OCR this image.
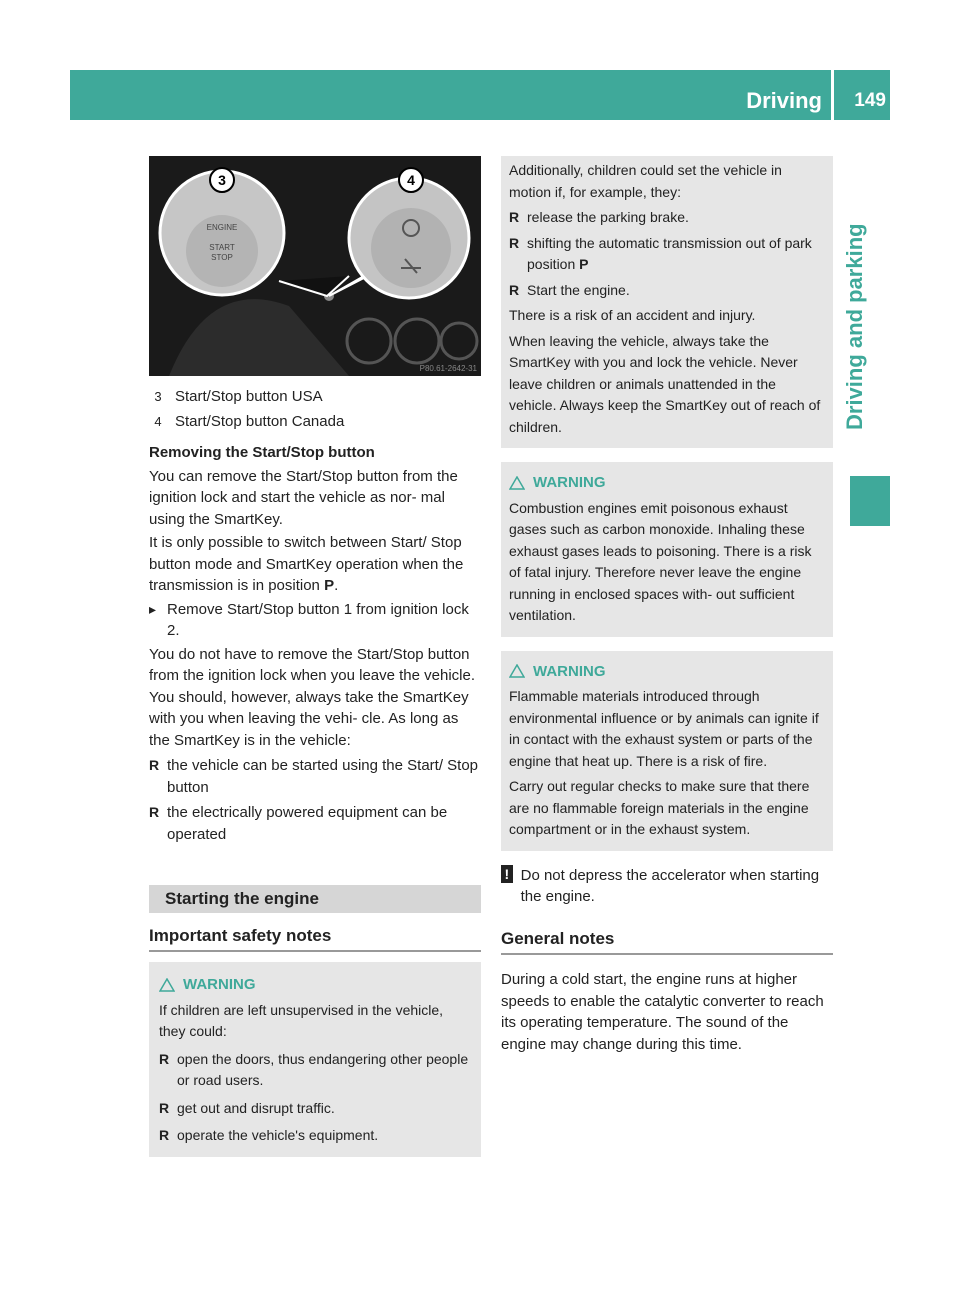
Driving 149
Driving and parking
3	4
ENGINE
START
STOP
P80.61-2642-31
3 Start/Stop button USA
4 Start/Stop button Canada

Removing the Start/Stop button

You can remove the Start/Stop button from the ignition lock and start the vehicle as nor- mal using the SmartKey.

It is only possible to switch between Start/ Stop button mode and SmartKey operation when the transmission is in position P.

▸ Remove Start/Stop button 1 from ignition lock 2.

You do not have to remove the Start/Stop button from the ignition lock when you leave the vehicle. You should, however, always take the SmartKey with you when leaving the vehi- cle. As long as the SmartKey is in the vehicle:

R the vehicle can be started using the Start/ Stop button

R the electrically powered equipment can be operated

Starting the engine
Important safety notes
WARNING

If children are left unsupervised in the vehicle, they could:

R open the doors, thus endangering other people or road users.

R get out and disrupt traffic.

R operate the vehicle's equipment.

Additionally, children could set the vehicle in motion if, for example, they:

R release the parking brake.

R shifting the automatic transmission out of park position P

R Start the engine.

There is a risk of an accident and injury.

When leaving the vehicle, always take the SmartKey with you and lock the vehicle. Never leave children or animals unattended in the vehicle. Always keep the SmartKey out of reach of children.

WARNING

Combustion engines emit poisonous exhaust gases such as carbon monoxide. Inhaling these exhaust gases leads to poisoning. There is a risk of fatal injury. Therefore never leave the engine running in enclosed spaces with- out sufficient ventilation.

WARNING

Flammable materials introduced through environmental influence or by animals can ignite if in contact with the exhaust system or parts of the engine that heat up. There is a risk of fire.

Carry out regular checks to make sure that there are no flammable foreign materials in the engine compartment or in the exhaust system.

! Do not depress the accelerator when starting the engine.
General notes

During a cold start, the engine runs at higher speeds to enable the catalytic converter to reach its operating temperature. The sound of the engine may change during this time.
